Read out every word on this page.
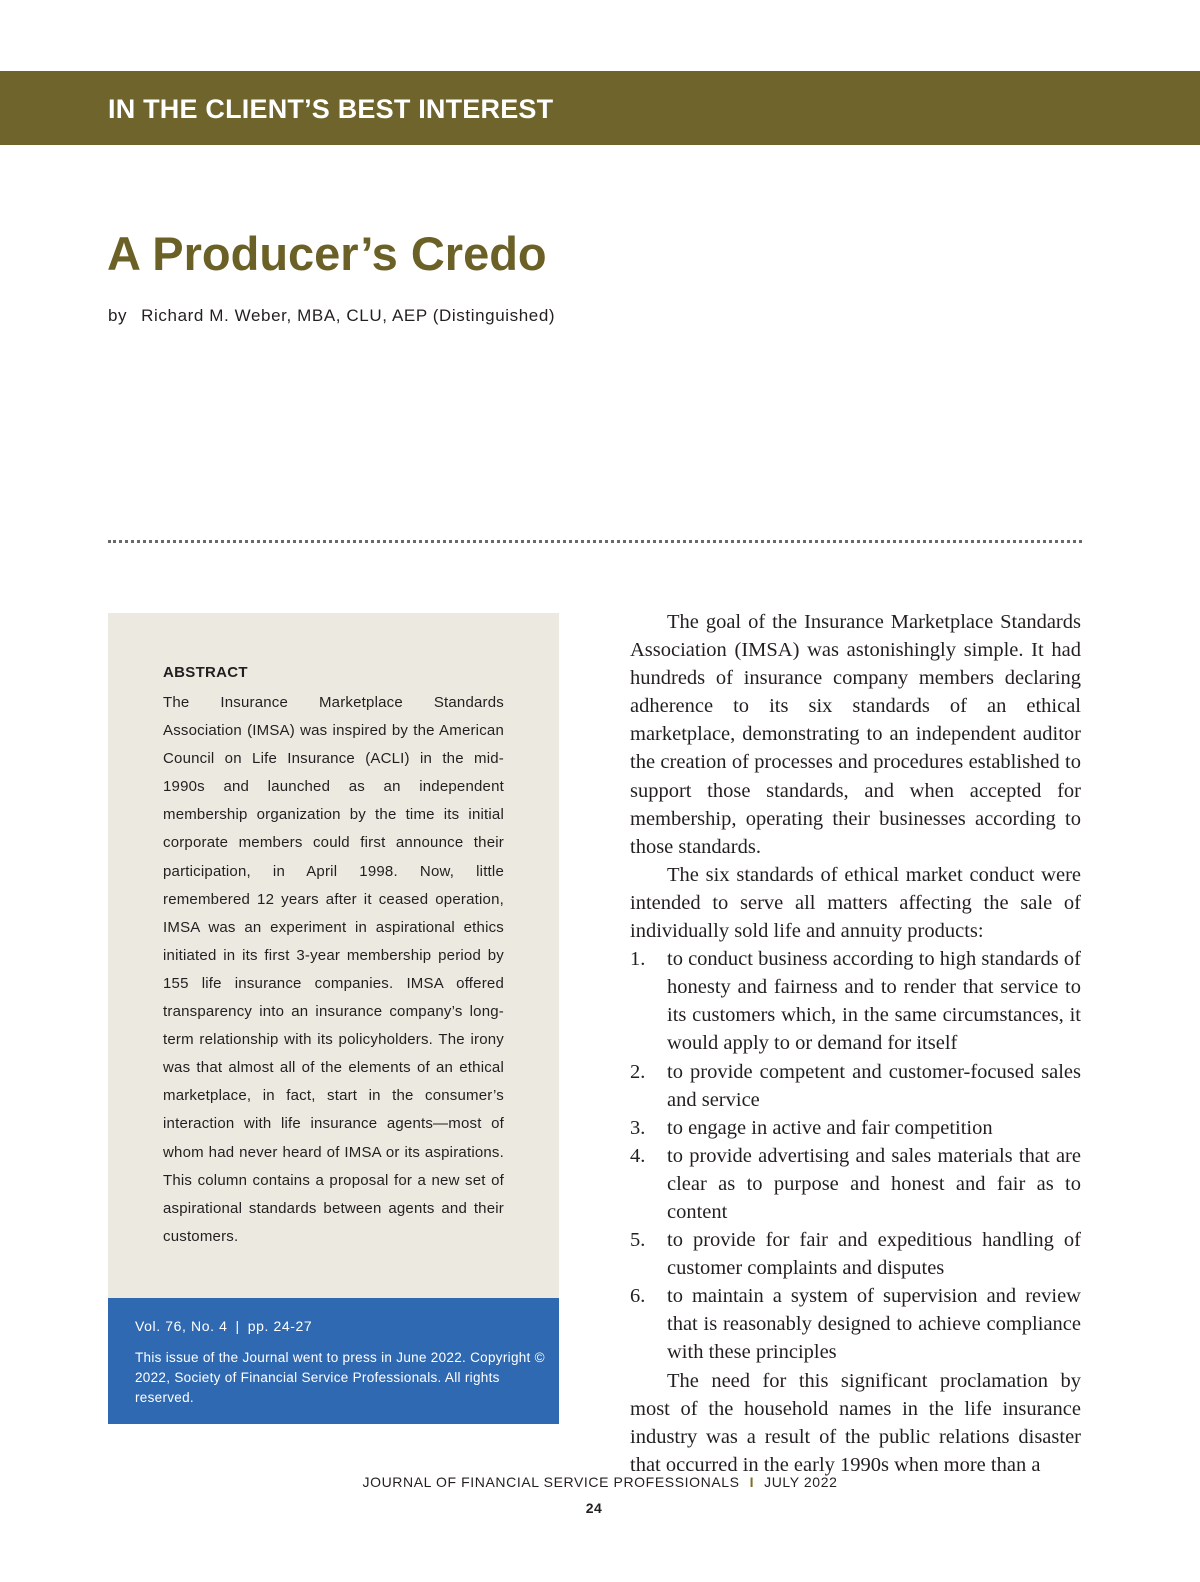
IN THE CLIENT’S BEST INTEREST
A Producer’s Credo
by Richard M. Weber, MBA, CLU, AEP (Distinguished)
ABSTRACT

The Insurance Marketplace Standards Association (IMSA) was inspired by the American Council on Life Insurance (ACLI) in the mid-1990s and launched as an independent membership organization by the time its initial corporate members could first announce their participation, in April 1998. Now, little remembered 12 years after it ceased operation, IMSA was an experiment in aspirational ethics initiated in its first 3-year membership period by 155 life insurance companies. IMSA offered transparency into an insurance company’s long-term relationship with its policyholders. The irony was that almost all of the elements of an ethical marketplace, in fact, start in the consumer’s interaction with life insurance agents—most of whom had never heard of IMSA or its aspirations. This column contains a proposal for a new set of aspirational standards between agents and their customers.

Vol. 76, No. 4 | pp. 24-27

This issue of the Journal went to press in June 2022. Copyright © 2022, Society of Financial Service Professionals. All rights reserved.

The goal of the Insurance Marketplace Standards Association (IMSA) was astonishingly simple. It had hundreds of insurance company members declaring adherence to its six standards of an ethical marketplace, demonstrating to an independent auditor the creation of processes and procedures established to support those standards, and when accepted for membership, operating their businesses according to those standards.

The six standards of ethical market conduct were intended to serve all matters affecting the sale of individually sold life and annuity products:

1. to conduct business according to high standards of honesty and fairness and to render that service to its customers which, in the same circumstances, it would apply to or demand for itself
2. to provide competent and customer-focused sales and service
3. to engage in active and fair competition
4. to provide advertising and sales materials that are clear as to purpose and honest and fair as to content
5. to provide for fair and expeditious handling of customer complaints and disputes
6. to maintain a system of supervision and review that is reasonably designed to achieve compliance with these principles

The need for this significant proclamation by most of the household names in the life insurance industry was a result of the public relations disaster that occurred in the early 1990s when more than a

JOURNAL OF FINANCIAL SERVICE PROFESSIONALS I JULY 2022
24
